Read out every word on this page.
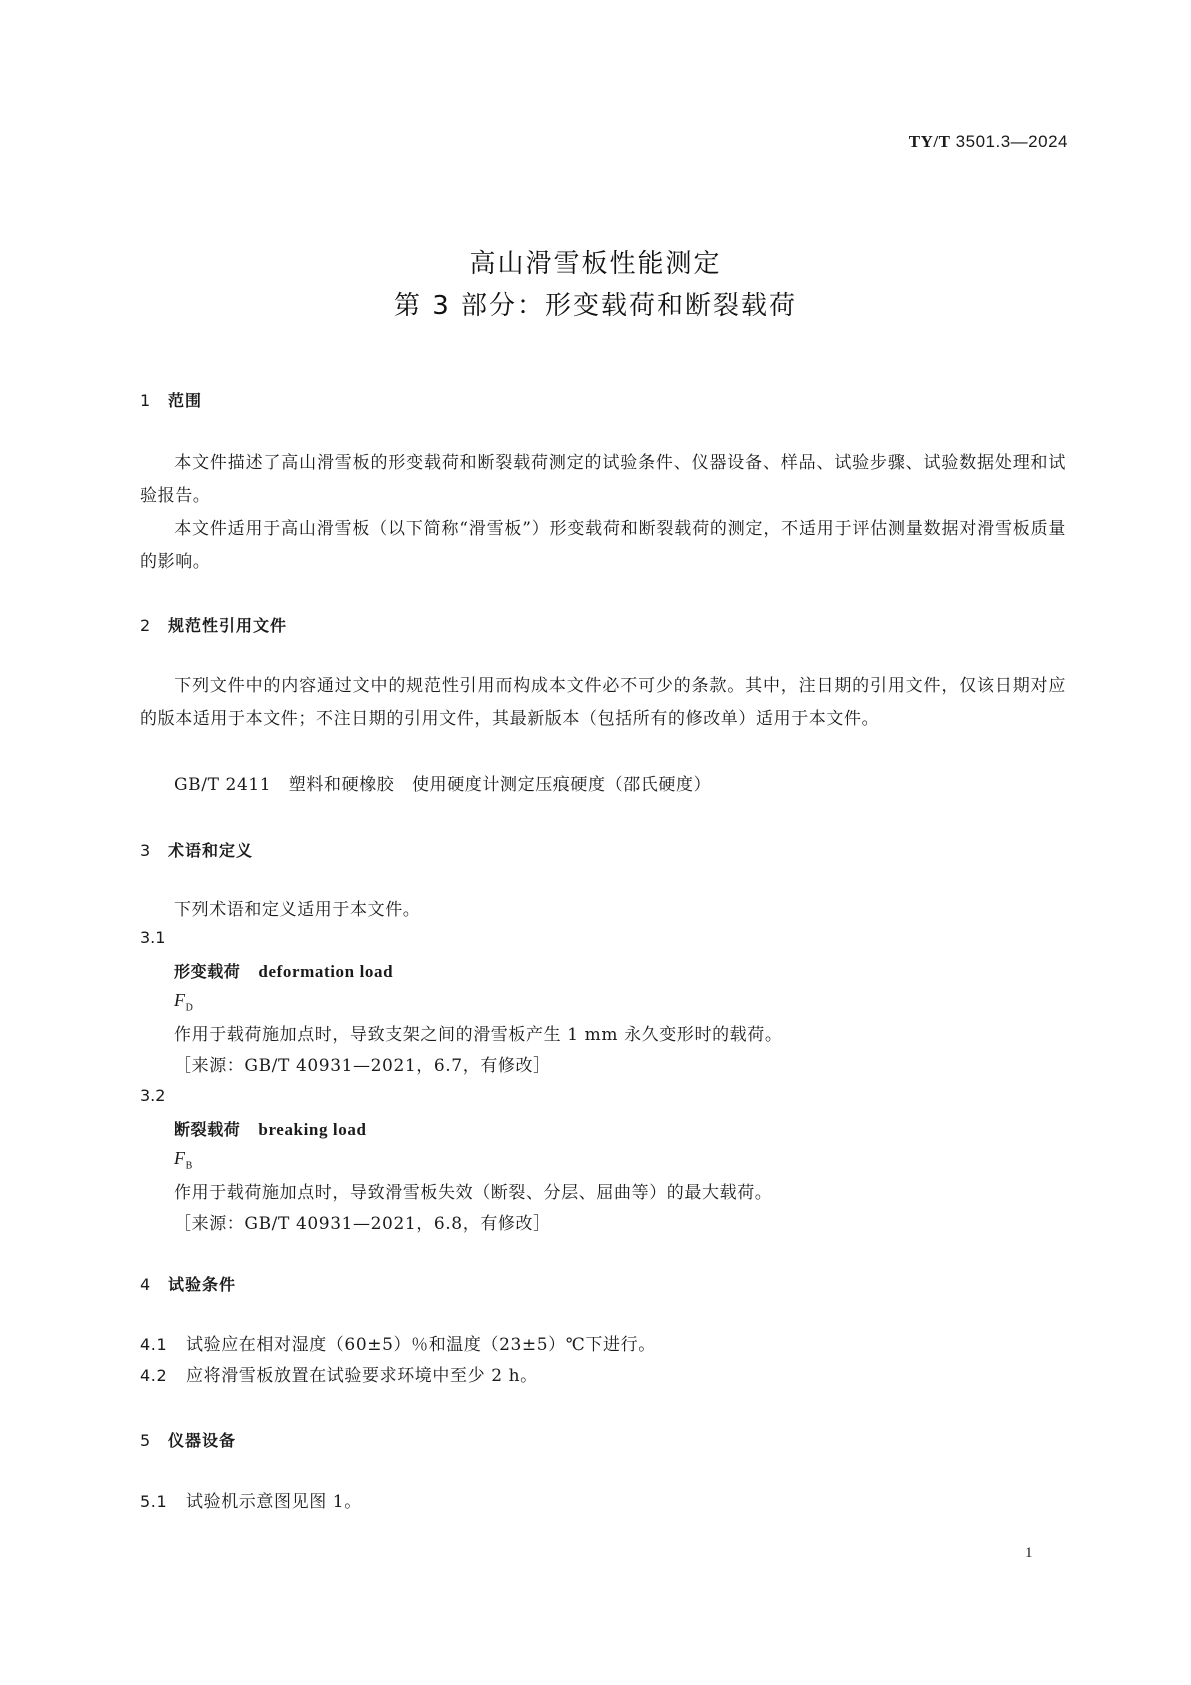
TY/T 3501.3—2024
高山滑雪板性能测定
第 3 部分：形变载荷和断裂载荷
1 范围
本文件描述了高山滑雪板的形变载荷和断裂载荷测定的试验条件、仪器设备、样品、试验步骤、试验数据处理和试验报告。
本文件适用于高山滑雪板（以下简称“滑雪板”）形变载荷和断裂载荷的测定，不适用于评估测量数据对滑雪板质量的影响。
2 规范性引用文件
下列文件中的内容通过文中的规范性引用而构成本文件必不可少的条款。其中，注日期的引用文件，仅该日期对应的版本适用于本文件；不注日期的引用文件，其最新版本（包括所有的修改单）适用于本文件。
GB/T 2411　塑料和硬橡胶　使用硬度计测定压痕硬度（邵氏硬度）
3 术语和定义
下列术语和定义适用于本文件。
3.1
形变载荷 deformation load
$F_D$
作用于载荷施加点时，导致支架之间的滑雪板产生 1 mm 永久变形时的载荷。
［来源：GB/T 40931—2021，6.7，有修改］
3.2
断裂载荷 breaking load
$F_B$
作用于载荷施加点时，导致滑雪板失效（断裂、分层、屈曲等）的最大载荷。
［来源：GB/T 40931—2021，6.8，有修改］
4 试验条件
4.1 试验应在相对湿度（60±5）％和温度（23±5）℃下进行。
4.2 应将滑雪板放置在试验要求环境中至少 2 h。
5 仪器设备
5.1 试验机示意图见图 1。
1
